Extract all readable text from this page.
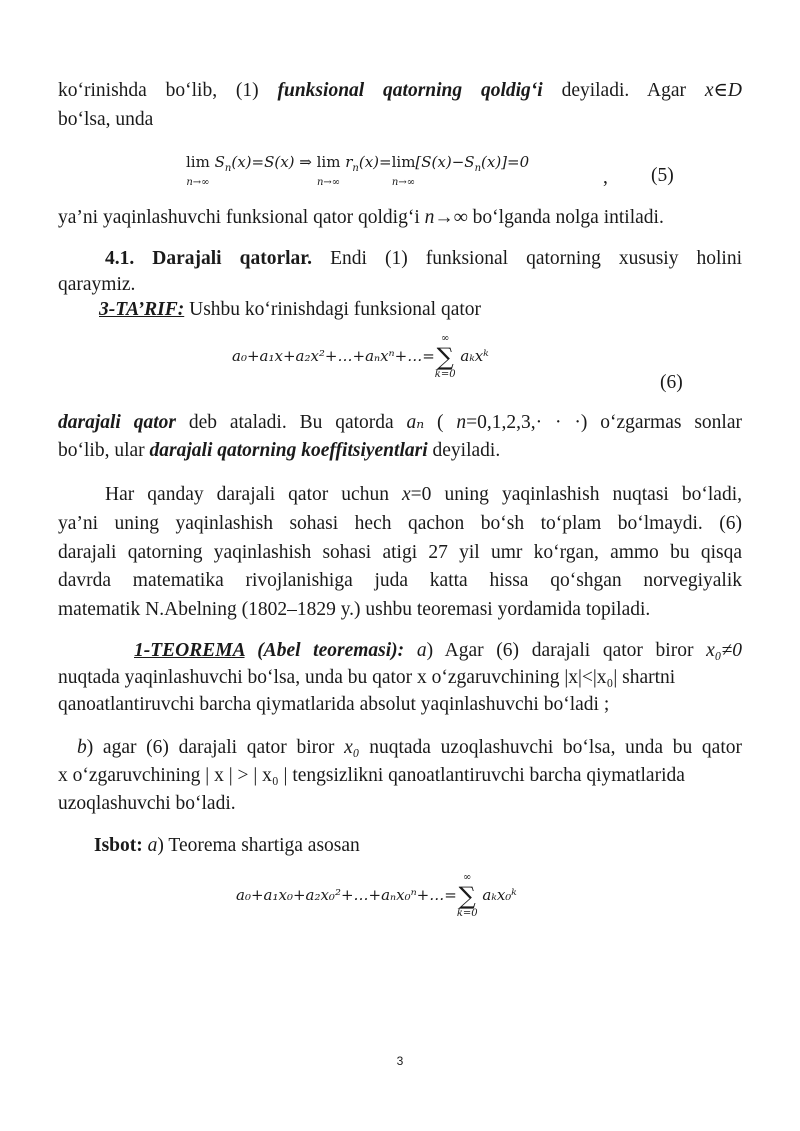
ko‘rinishda bo‘lib, (1) funksional qatorning qoldig‘i deyiladi. Agar x∈D
bo‘lsa, unda
lim
n→∞
$S_n(x)=S(x)$ ⇒ lim
n→∞
$r_n(x)=\lim$
n→∞
$[S(x)-S_n(x)]=0$
, (5)
ya’ni yaqinlashuvchi funksional qator qoldig‘i n→∞ bo‘lganda nolga intiladi.
4.1. Darajali qatorlar. Endi (1) funksional qatorning xususiy holini
qaraymiz.
3-TA’RIF: Ushbu ko‘rinishdagi funksional qator
a₀+a₁x+a₂x²+…+aₙxⁿ+…=
∞
∑
k=0
aₖxᵏ
(6)
darajali qator deb ataladi. Bu qatorda aₙ ( n=0,1,2,3,· · ·) o‘zgarmas sonlar
bo‘lib, ular darajali qatorning koeffitsiyentlari deyiladi.
Har qanday darajali qator uchun x=0 uning yaqinlashish nuqtasi bo‘ladi,
ya’ni uning yaqinlashish sohasi hech qachon bo‘sh to‘plam bo‘lmaydi. (6)
darajali qatorning yaqinlashish sohasi atigi 27 yil umr ko‘rgan, ammo bu qisqa
davrda matematika rivojlanishiga juda katta hissa qo‘shgan norvegiyalik
matematik N.Abelning (1802–1829 y.) ushbu teoremasi yordamida topiladi.
1-TEOREMA (Abel teoremasi): a) Agar (6) darajali qator biror x₀≠0
nuqtada yaqinlashuvchi bo‘lsa, unda bu qator x o‘zgaruvchining |x|<|x₀| shartni
qanoatlantiruvchi barcha qiymatlarida absolut yaqinlashuvchi bo‘ladi ;
b) agar (6) darajali qator biror x₀ nuqtada uzoqlashuvchi bo‘lsa, unda bu qator
x o‘zgaruvchining | x | > | x₀ | tengsizlikni qanoatlantiruvchi barcha qiymatlarida
uzoqlashuvchi bo‘ladi.
Isbot: a) Teorema shartiga asosan
a₀+a₁x₀+a₂x₀²+…+aₙx₀ⁿ+…=
∞
∑
k=0
aₖx₀ᵏ
3
